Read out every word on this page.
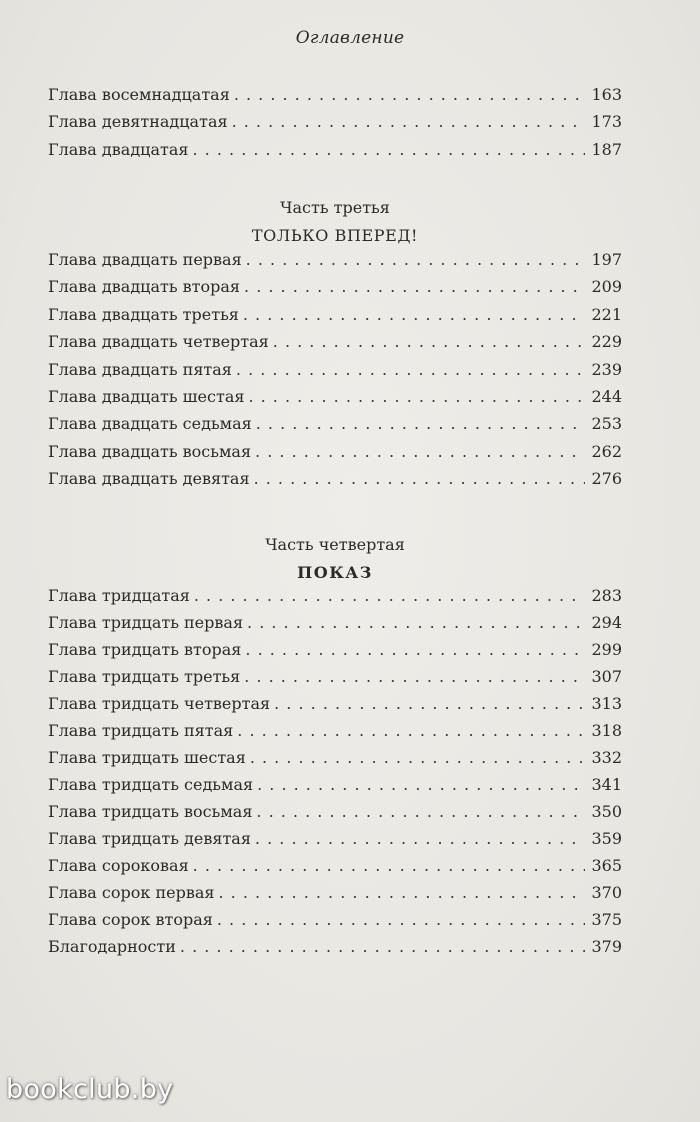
Оглавление
Глава восемнадцатая . . .	163
Глава девятнадцатая . . .	173
Глава двадцатая . . .	187
Часть третья
ТОЛЬКО ВПЕРЕД!
Глава двадцать первая . . .	197
Глава двадцать вторая . . .	209
Глава двадцать третья . . .	221
Глава двадцать четвертая . . .	229
Глава двадцать пятая . . .	239
Глава двадцать шестая . . .	244
Глава двадцать седьмая . . .	253
Глава двадцать восьмая . . .	262
Глава двадцать девятая . . .	276
Часть четвертая
ПОКАЗ
Глава тридцатая . . .	283
Глава тридцать первая . . .	294
Глава тридцать вторая . . .	299
Глава тридцать третья . . .	307
Глава тридцать четвертая . . .	313
Глава тридцать пятая . . .	318
Глава тридцать шестая . . .	332
Глава тридцать седьмая . . .	341
Глава тридцать восьмая . . .	350
Глава тридцать девятая . . .	359
Глава сороковая . . .	365
Глава сорок первая . . .	370
Глава сорок вторая . . .	375
Благодарности . . .	379
bookclub.by
